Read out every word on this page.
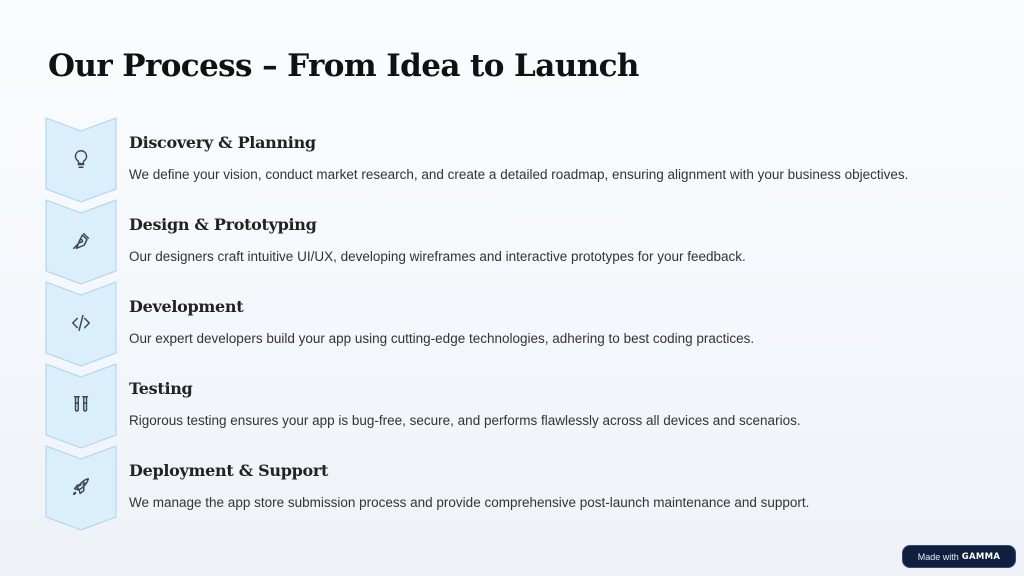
Our Process – From Idea to Launch
Discovery & Planning

We define your vision, conduct market research, and create a detailed roadmap, ensuring alignment with your business objectives.

Design & Prototyping

Our designers craft intuitive UI/UX, developing wireframes and interactive prototypes for your feedback.

Development

Our expert developers build your app using cutting-edge technologies, adhering to best coding practices.

Testing

Rigorous testing ensures your app is bug-free, secure, and performs flawlessly across all devices and scenarios.

Deployment & Support

We manage the app store submission process and provide comprehensive post-launch maintenance and support.

Made with GAMMA
